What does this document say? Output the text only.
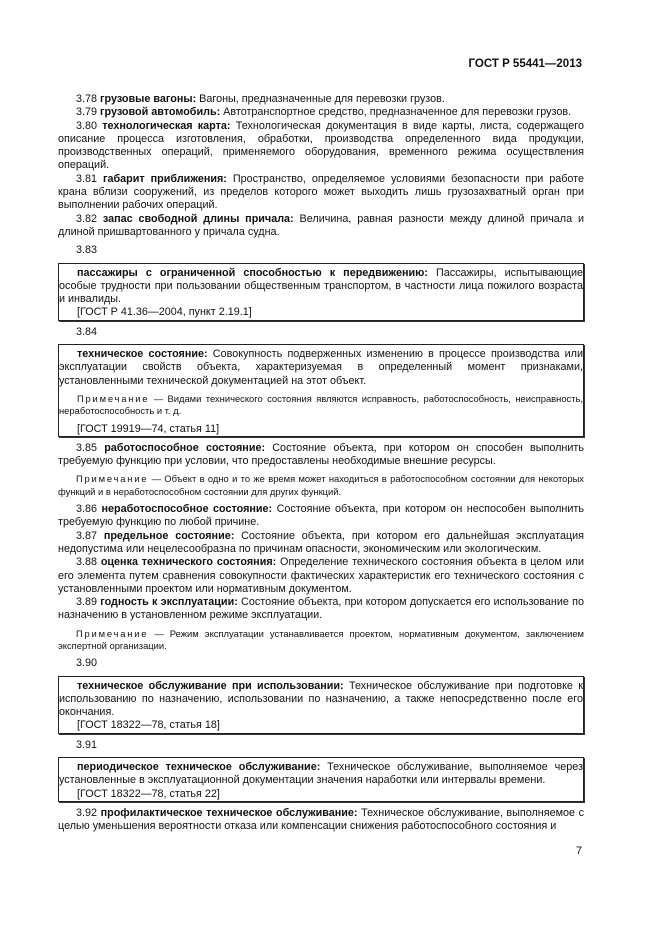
ГОСТ Р 55441—2013

3.78 грузовые вагоны: Вагоны, предназначенные для перевозки грузов.

3.79 грузовой автомобиль: Автотранспортное средство, предназначенное для перевозки грузов.

3.80 технологическая карта: Технологическая документация в виде карты, листа, содержащего описание процесса изготовления, обработки, производства определенного вида продукции, производственных операций, применяемого оборудования, временного режима осуществления операций.

3.81 габарит приближения: Пространство, определяемое условиями безопасности при работе крана вблизи сооружений, из пределов которого может выходить лишь грузозахватный орган при выполнении рабочих операций.

3.82 запас свободной длины причала: Величина, равная разности между длиной причала и длиной пришвартованного у причала судна.

3.83

пассажиры с ограниченной способностью к передвижению: Пассажиры, испытывающие особые трудности при пользовании общественным транспортом, в частности лица пожилого возраста и инвалиды.

[ГОСТ Р 41.36—2004, пункт 2.19.1]

3.84

техническое состояние: Совокупность подверженных изменению в процессе производства или эксплуатации свойств объекта, характеризуемая в определенный момент признаками, установленными технической документацией на этот объект.

Примечание — Видами технического состояния являются исправность, работоспособность, неисправность, неработоспособность и т. д.

[ГОСТ 19919—74, статья 11]

3.85 работоспособное состояние: Состояние объекта, при котором он способен выполнить требуемую функцию при условии, что предоставлены необходимые внешние ресурсы.

Примечание — Объект в одно и то же время может находиться в работоспособном состоянии для некоторых функций и в неработоспособном состоянии для других функций.

3.86 неработоспособное состояние: Состояние объекта, при котором он неспособен выполнить требуемую функцию по любой причине.

3.87 предельное состояние: Состояние объекта, при котором его дальнейшая эксплуатация недопустима или нецелесообразна по причинам опасности, экономическим или экологическим.

3.88 оценка технического состояния: Определение технического состояния объекта в целом или его элемента путем сравнения совокупности фактических характеристик его технического состояния с установленными проектом или нормативным документом.

3.89 годность к эксплуатации: Состояние объекта, при котором допускается его использование по назначению в установленном режиме эксплуатации.

Примечание — Режим эксплуатации устанавливается проектом, нормативным документом, заключением экспертной организации.

3.90

техническое обслуживание при использовании: Техническое обслуживание при подготовке к использованию по назначению, использовании по назначению, а также непосредственно после его окончания.

[ГОСТ 18322—78, статья 18]

3.91

периодическое техническое обслуживание: Техническое обслуживание, выполняемое через установленные в эксплуатационной документации значения наработки или интервалы времени.

[ГОСТ 18322—78, статья 22]

3.92 профилактическое техническое обслуживание: Техническое обслуживание, выполняемое с целью уменьшения вероятности отказа или компенсации снижения работоспособного состояния и

7
